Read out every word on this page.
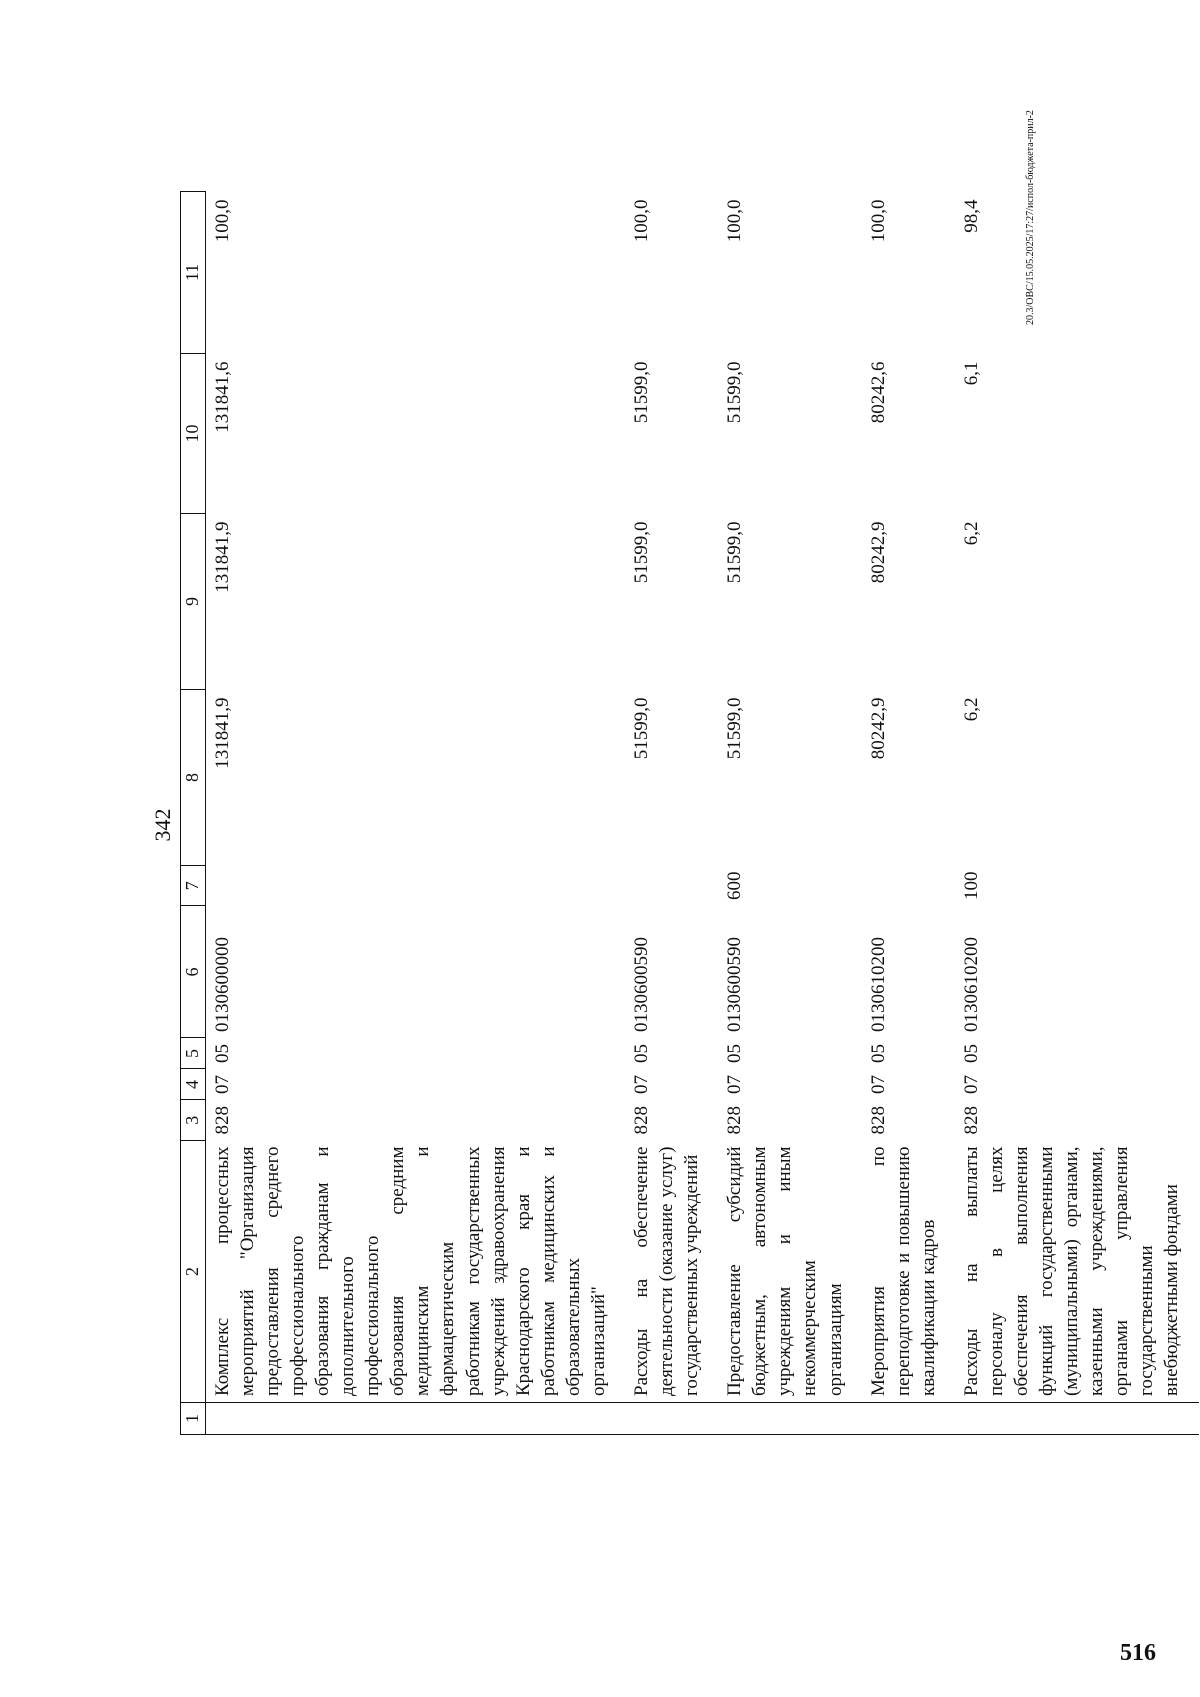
342
1	2	3	4	5	6	7	8	9	10	11
	Комплекс процессных мероприятий "Организация предоставления среднего профессионального образования гражданам и дополнительного профессионального образования средним медицинским и фармацевтическим работникам государственных учреждений здравоохранения Краснодарского края и работникам медицинских и образовательных организаций"	828	07	05	0130600000		131841,9	131841,9	131841,6	100,0
	Расходы на обеспечение деятельности (оказание услуг) государственных учреждений	828	07	05	0130600590		51599,0	51599,0	51599,0	100,0
	Предоставление субсидий бюджетным, автономным учреждениям и иным некоммерческим организациям	828	07	05	0130600590	600	51599,0	51599,0	51599,0	100,0
	Мероприятия по переподготовке и повышению квалификации кадров	828	07	05	0130610200		80242,9	80242,9	80242,6	100,0
	Расходы на выплаты персоналу в целях обеспечения выполнения функций государственными (муниципальными) органами, казенными учреждениями, органами управления государственными внебюджетными фондами	828	07	05	0130610200	100	6,2	6,2	6,1	98,4	20.3/ОВС/15.05.2025/17:27/испол-бюджета-прил-2
516
